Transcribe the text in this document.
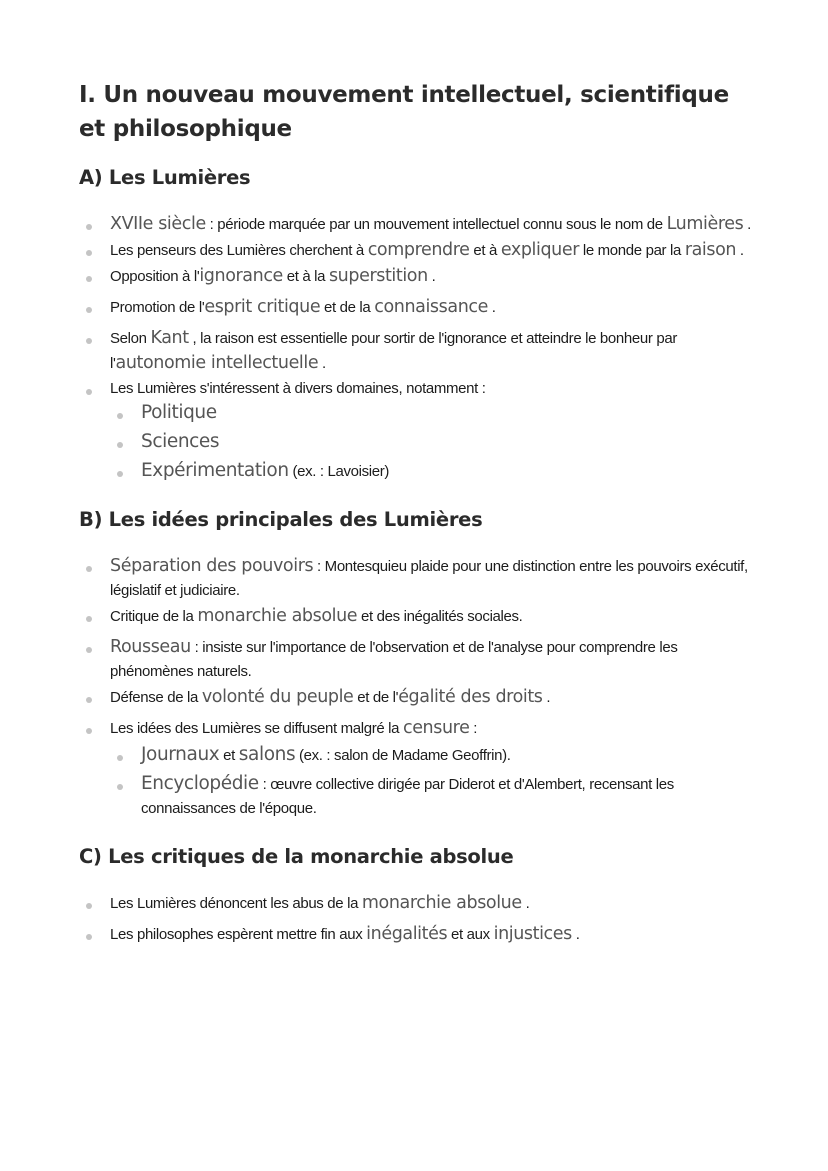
I. Un nouveau mouvement intellectuel, scientifique et philosophique
A) Les Lumières
XVIIe siècle : période marquée par un mouvement intellectuel connu sous le nom de Lumières .
Les penseurs des Lumières cherchent à comprendre et à expliquer le monde par la raison .
Opposition à l'ignorance et à la superstition .
Promotion de l'esprit critique et de la connaissance .
Selon Kant , la raison est essentielle pour sortir de l'ignorance et atteindre le bonheur par l'autonomie intellectuelle .
Les Lumières s'intéressent à divers domaines, notamment :
Politique
Sciences
Expérimentation (ex. : Lavoisier)
B) Les idées principales des Lumières
Séparation des pouvoirs : Montesquieu plaide pour une distinction entre les pouvoirs exécutif, législatif et judiciaire.
Critique de la monarchie absolue et des inégalités sociales.
Rousseau : insiste sur l'importance de l'observation et de l'analyse pour comprendre les phénomènes naturels.
Défense de la volonté du peuple et de l'égalité des droits .
Les idées des Lumières se diffusent malgré la censure :
Journaux et salons (ex. : salon de Madame Geoffrin).
Encyclopédie : œuvre collective dirigée par Diderot et d'Alembert, recensant les connaissances de l'époque.
C) Les critiques de la monarchie absolue
Les Lumières dénoncent les abus de la monarchie absolue .
Les philosophes espèrent mettre fin aux inégalités et aux injustices .
